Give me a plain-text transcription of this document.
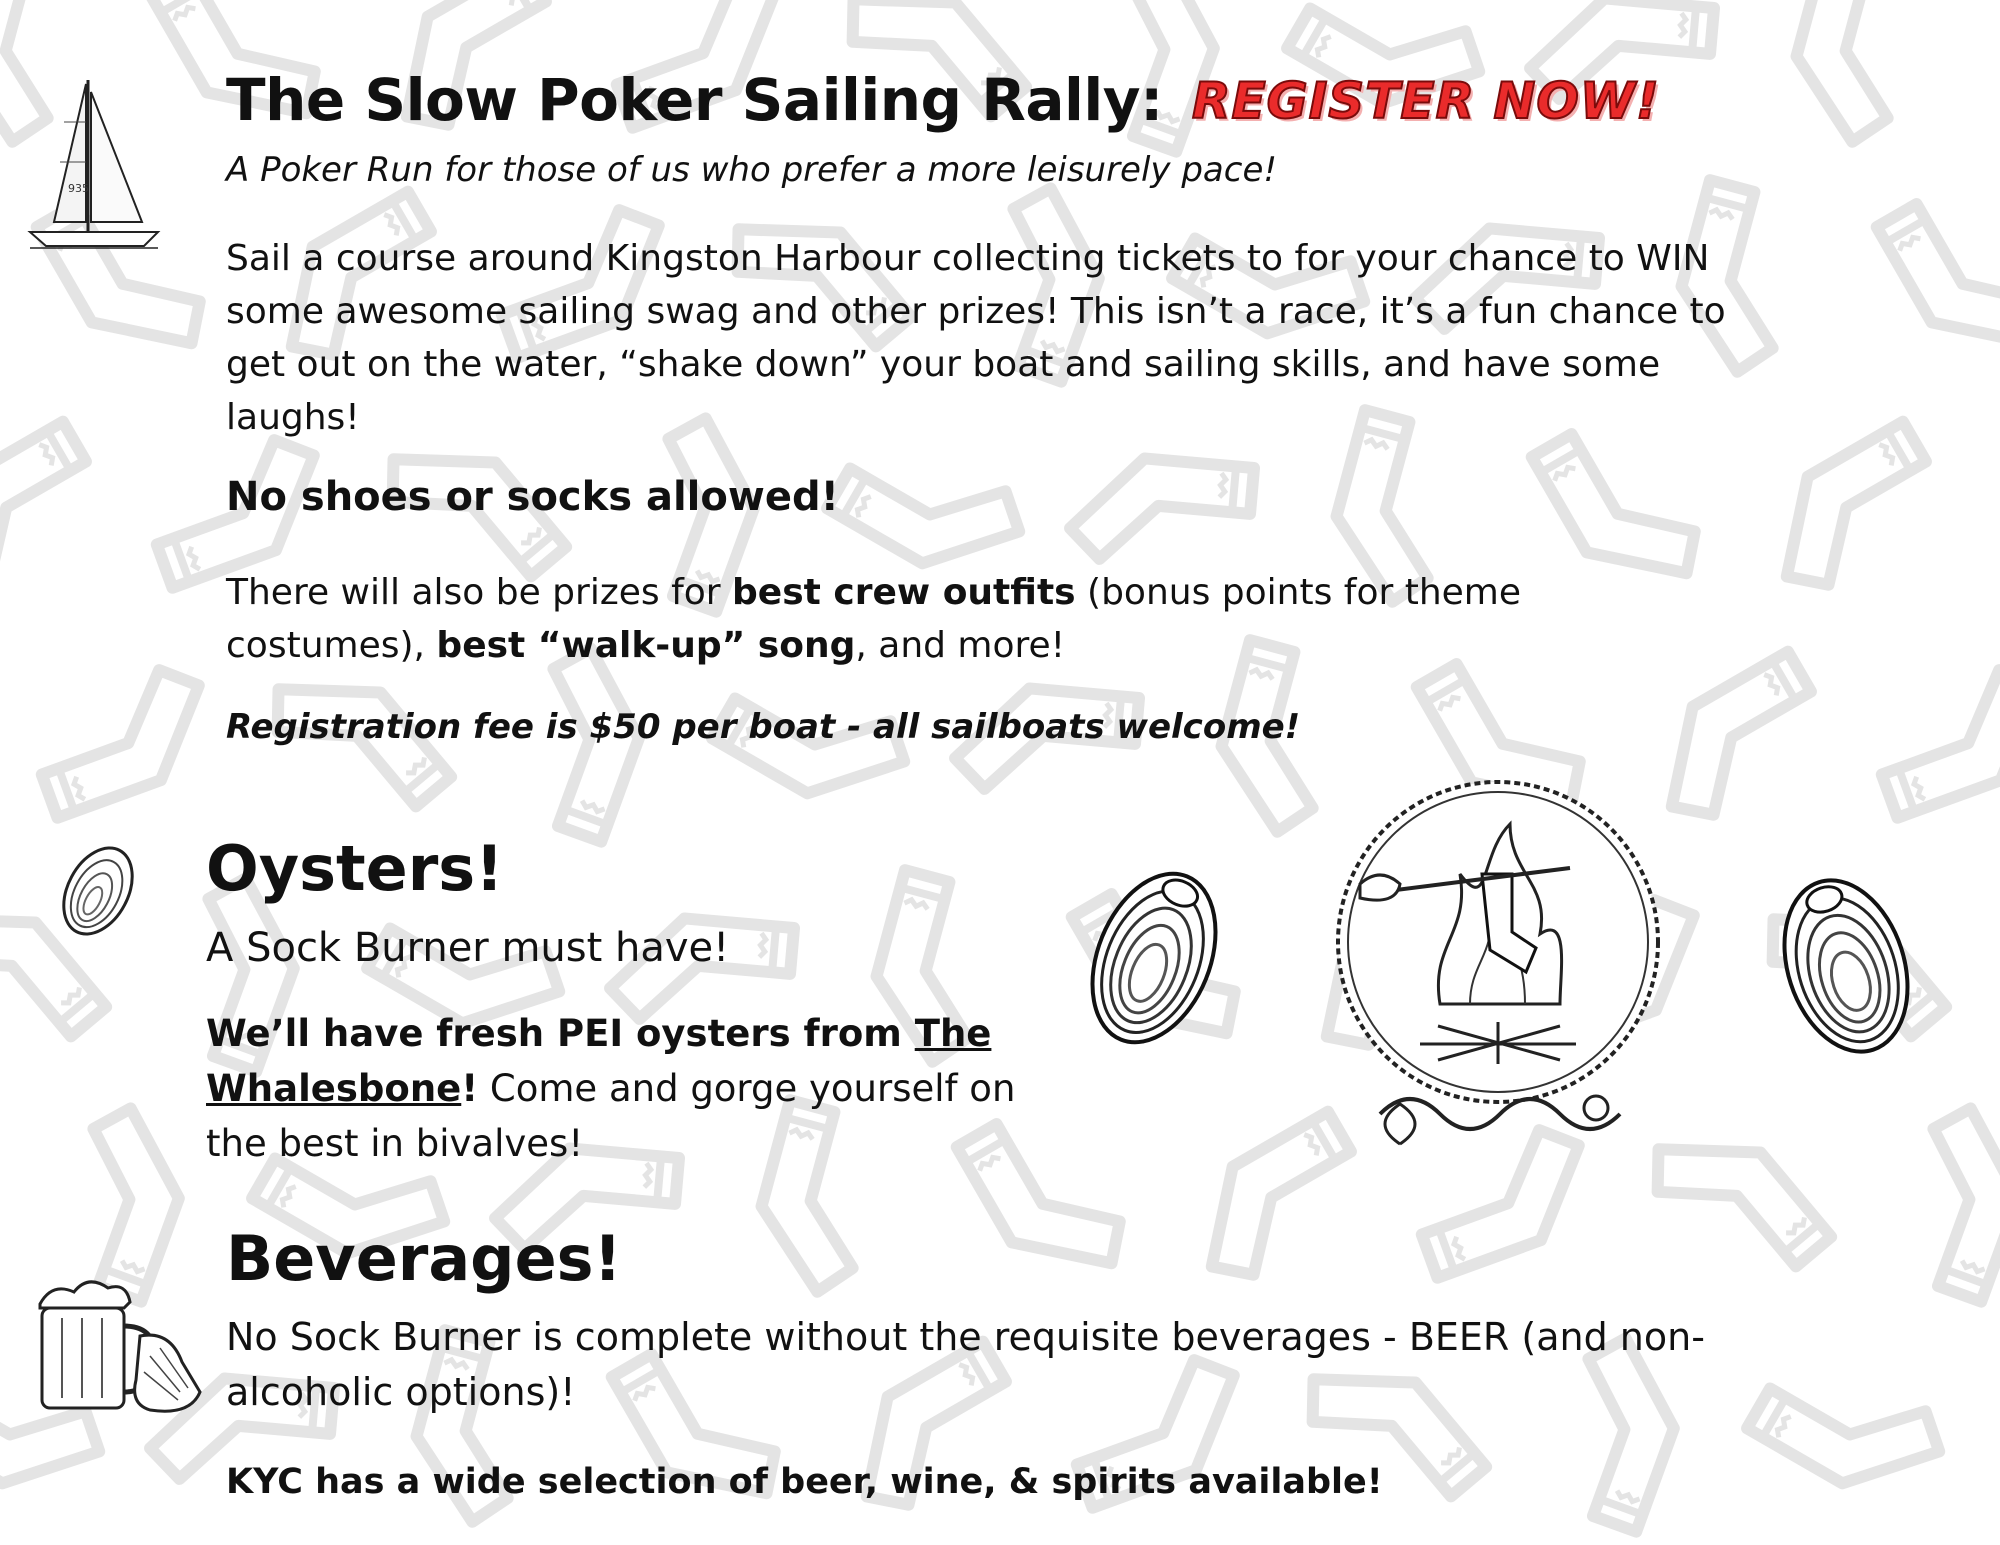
935
The Slow Poker Sailing Rally: REGISTER NOW!
A Poker Run for those of us who prefer a more leisurely pace!

Sail a course around Kingston Harbour collecting tickets to for your chance to WIN some awesome sailing swag and other prizes! This isn’t a race, it’s a fun chance to get out on the water, “shake down” your boat and sailing skills, and have some laughs!

No shoes or socks allowed!

There will also be prizes for best crew outfits (bonus points for theme costumes), best “walk-up” song, and more!

Registration fee is $50 per boat - all sailboats welcome!
Oysters!
A Sock Burner must have!

We’ll have fresh PEI oysters from The Whalesbone! Come and gorge yourself on the best in bivalves!

Beverages!

No Sock Burner is complete without the requisite beverages - BEER (and non-alcoholic options)!

KYC has a wide selection of beer, wine, & spirits available!
